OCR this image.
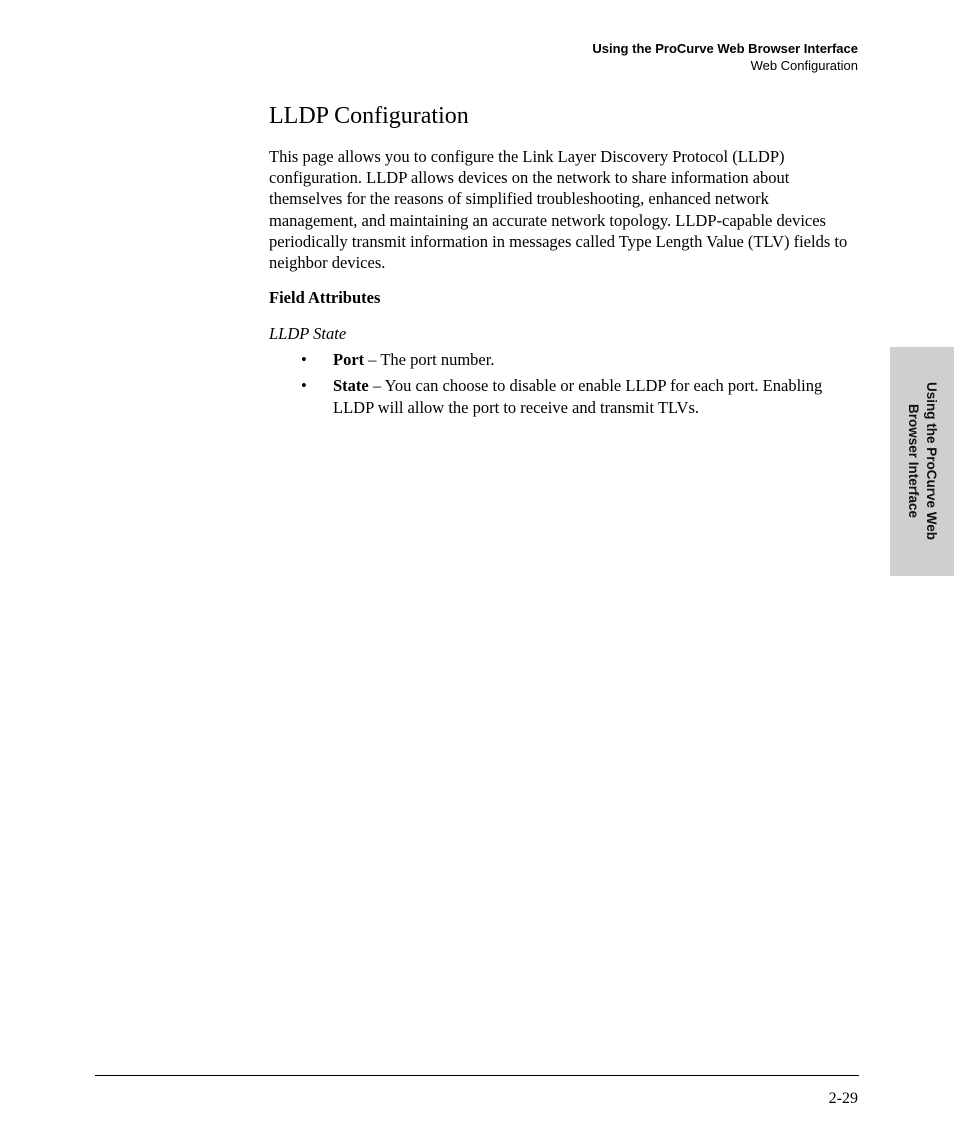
Using the ProCurve Web Browser Interface
Web Configuration
LLDP Configuration

This page allows you to configure the Link Layer Discovery Protocol (LLDP) configuration. LLDP allows devices on the network to share information about themselves for the reasons of simplified troubleshooting, enhanced network management, and maintaining an accurate network topology. LLDP-capable devices periodically transmit information in messages called Type Length Value (TLV) fields to neighbor devices.

Field Attributes
LLDP State
• Port – The port number.
• State – You can choose to disable or enable LLDP for each port. Enabling LLDP will allow the port to receive and transmit TLVs.	Using the ProCurve Web
Browser Interface
2-29
